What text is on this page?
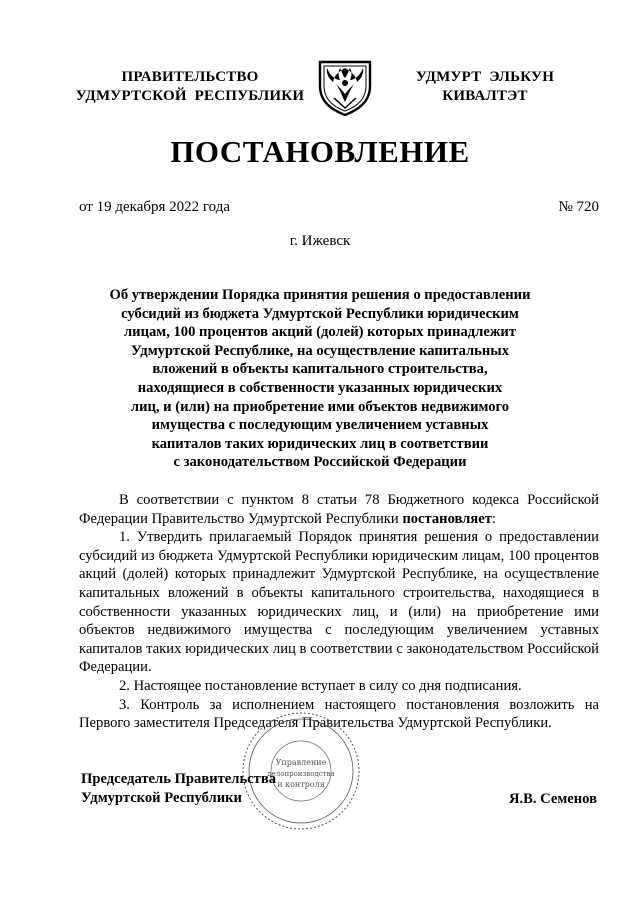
ПРАВИТЕЛЬСТВО
УДМУРТСКОЙ  РЕСПУБЛИКИ
УДМУРТ  ЭЛЬКУН
КИВАЛТЭТ
ПОСТАНОВЛЕНИЕ
от 19 декабря 2022 года	№ 720
г. Ижевск
Об утверждении Порядка принятия решения о предоставлении
субсидий из бюджета Удмуртской Республики юридическим
лицам, 100 процентов акций (долей) которых принадлежит
Удмуртской Республике, на осуществление капитальных
вложений в объекты капитального строительства,
находящиеся в собственности указанных юридических
лиц, и (или) на приобретение ими объектов недвижимого
имущества с последующим увеличением уставных
капиталов таких юридических лиц в соответствии
с законодательством Российской Федерации

В соответствии с пунктом 8 статьи 78 Бюджетного кодекса Российской Федерации Правительство Удмуртской Республики постановляет:

1. Утвердить прилагаемый Порядок принятия решения о предоставлении субсидий из бюджета Удмуртской Республики юридическим лицам, 100 процентов акций (долей) которых принадлежит Удмуртской Республике, на осуществление капитальных вложений в объекты капитального строительства, находящиеся в собственности указанных юридических лиц, и (или) на приобретение ими объектов недвижимого имущества с последующим увеличением уставных капиталов таких юридических лиц в соответствии с законодательством Российской Федерации.

2. Настоящее постановление вступает в силу со дня подписания.

3. Контроль за исполнением настоящего постановления возложить на Первого заместителя Председателя Правительства Удмуртской Республики.

Управление
делопроизводства
и контроля
Председатель Правительства
Удмуртской Республики	Я.В. Семенов
